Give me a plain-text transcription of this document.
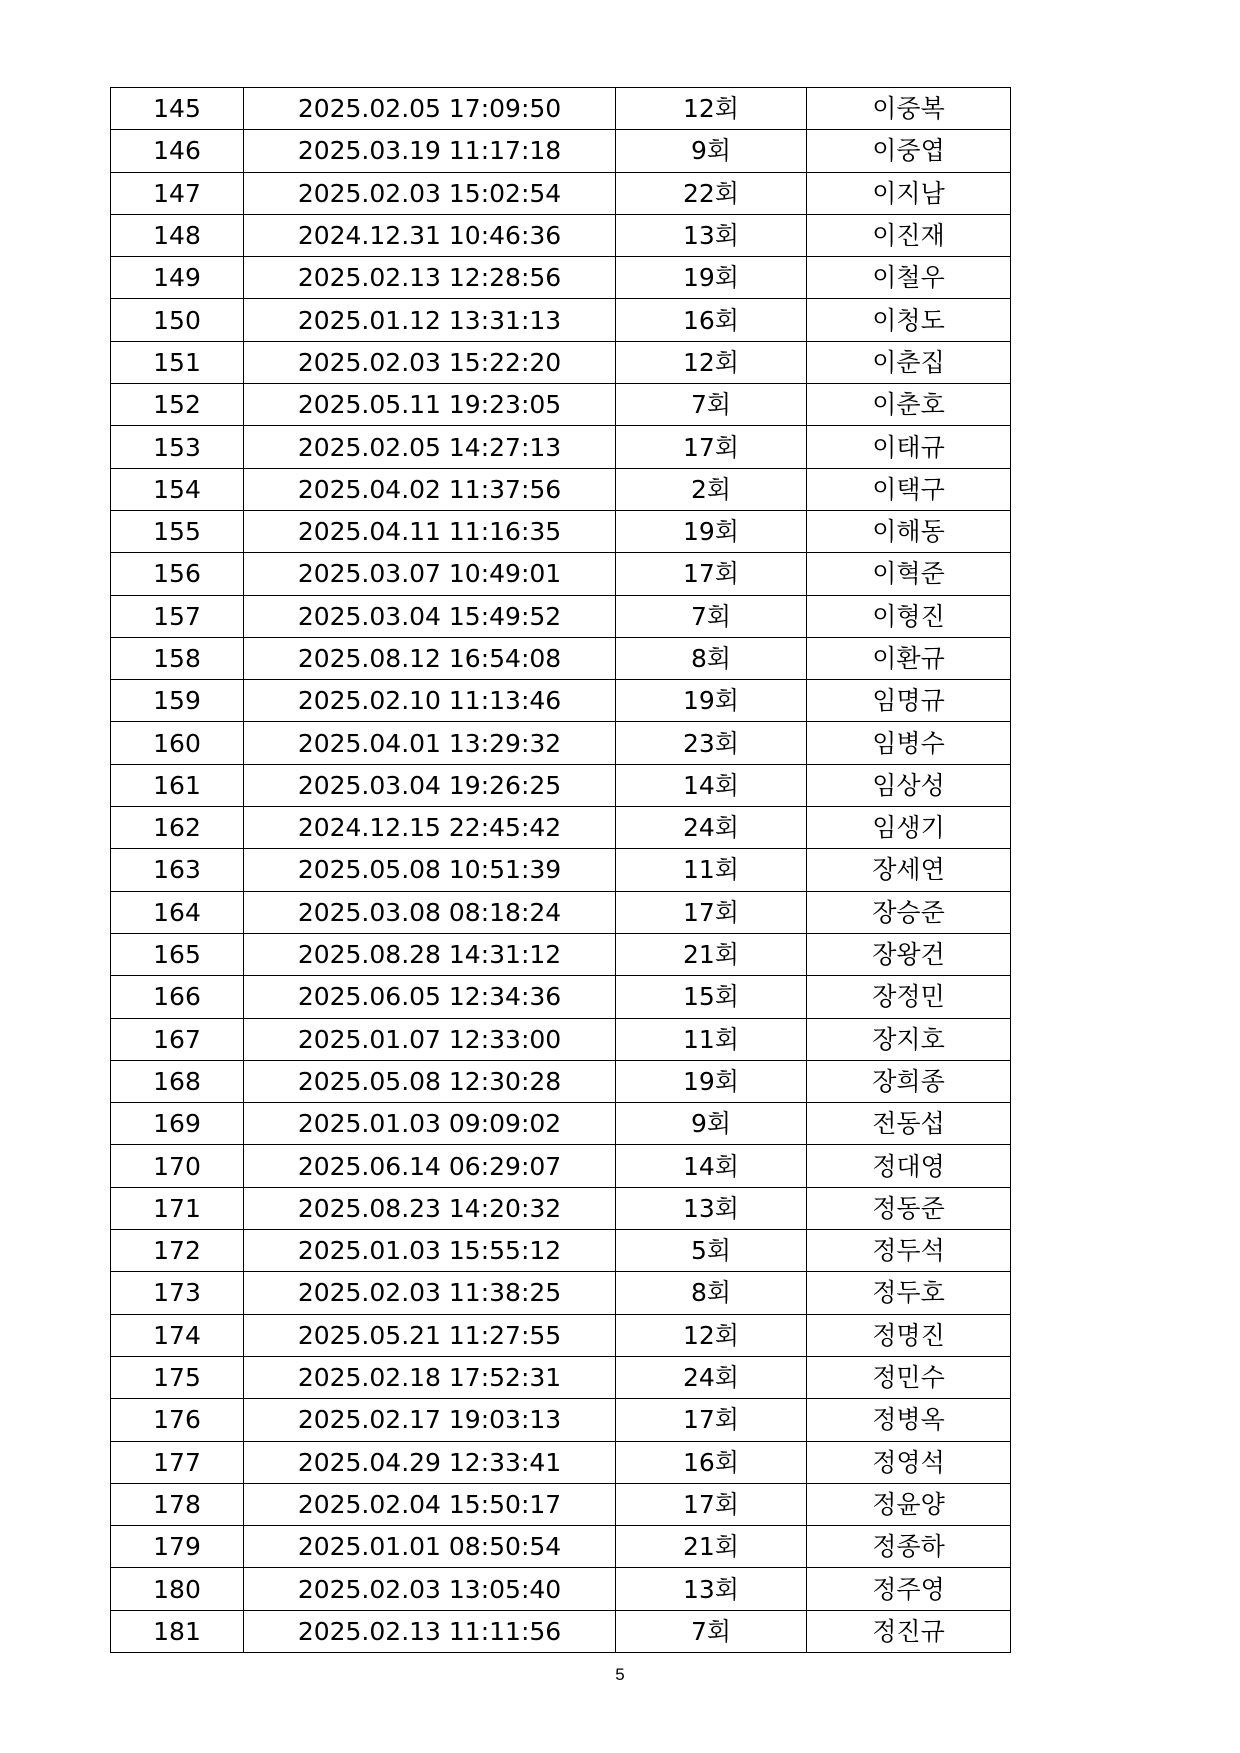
145	2025.02.05 17:09:50	12회	이중복
146	2025.03.19 11:17:18	9회	이중엽
147	2025.02.03 15:02:54	22회	이지남
148	2024.12.31 10:46:36	13회	이진재
149	2025.02.13 12:28:56	19회	이철우
150	2025.01.12 13:31:13	16회	이청도
151	2025.02.03 15:22:20	12회	이춘집
152	2025.05.11 19:23:05	7회	이춘호
153	2025.02.05 14:27:13	17회	이태규
154	2025.04.02 11:37:56	2회	이택구
155	2025.04.11 11:16:35	19회	이해동
156	2025.03.07 10:49:01	17회	이혁준
157	2025.03.04 15:49:52	7회	이형진
158	2025.08.12 16:54:08	8회	이환규
159	2025.02.10 11:13:46	19회	임명규
160	2025.04.01 13:29:32	23회	임병수
161	2025.03.04 19:26:25	14회	임상성
162	2024.12.15 22:45:42	24회	임생기
163	2025.05.08 10:51:39	11회	장세연
164	2025.03.08 08:18:24	17회	장승준
165	2025.08.28 14:31:12	21회	장왕건
166	2025.06.05 12:34:36	15회	장정민
167	2025.01.07 12:33:00	11회	장지호
168	2025.05.08 12:30:28	19회	장희종
169	2025.01.03 09:09:02	9회	전동섭
170	2025.06.14 06:29:07	14회	정대영
171	2025.08.23 14:20:32	13회	정동준
172	2025.01.03 15:55:12	5회	정두석
173	2025.02.03 11:38:25	8회	정두호
174	2025.05.21 11:27:55	12회	정명진
175	2025.02.18 17:52:31	24회	정민수
176	2025.02.17 19:03:13	17회	정병옥
177	2025.04.29 12:33:41	16회	정영석
178	2025.02.04 15:50:17	17회	정윤양
179	2025.01.01 08:50:54	21회	정종하
180	2025.02.03 13:05:40	13회	정주영
181	2025.02.13 11:11:56	7회	정진규
5
